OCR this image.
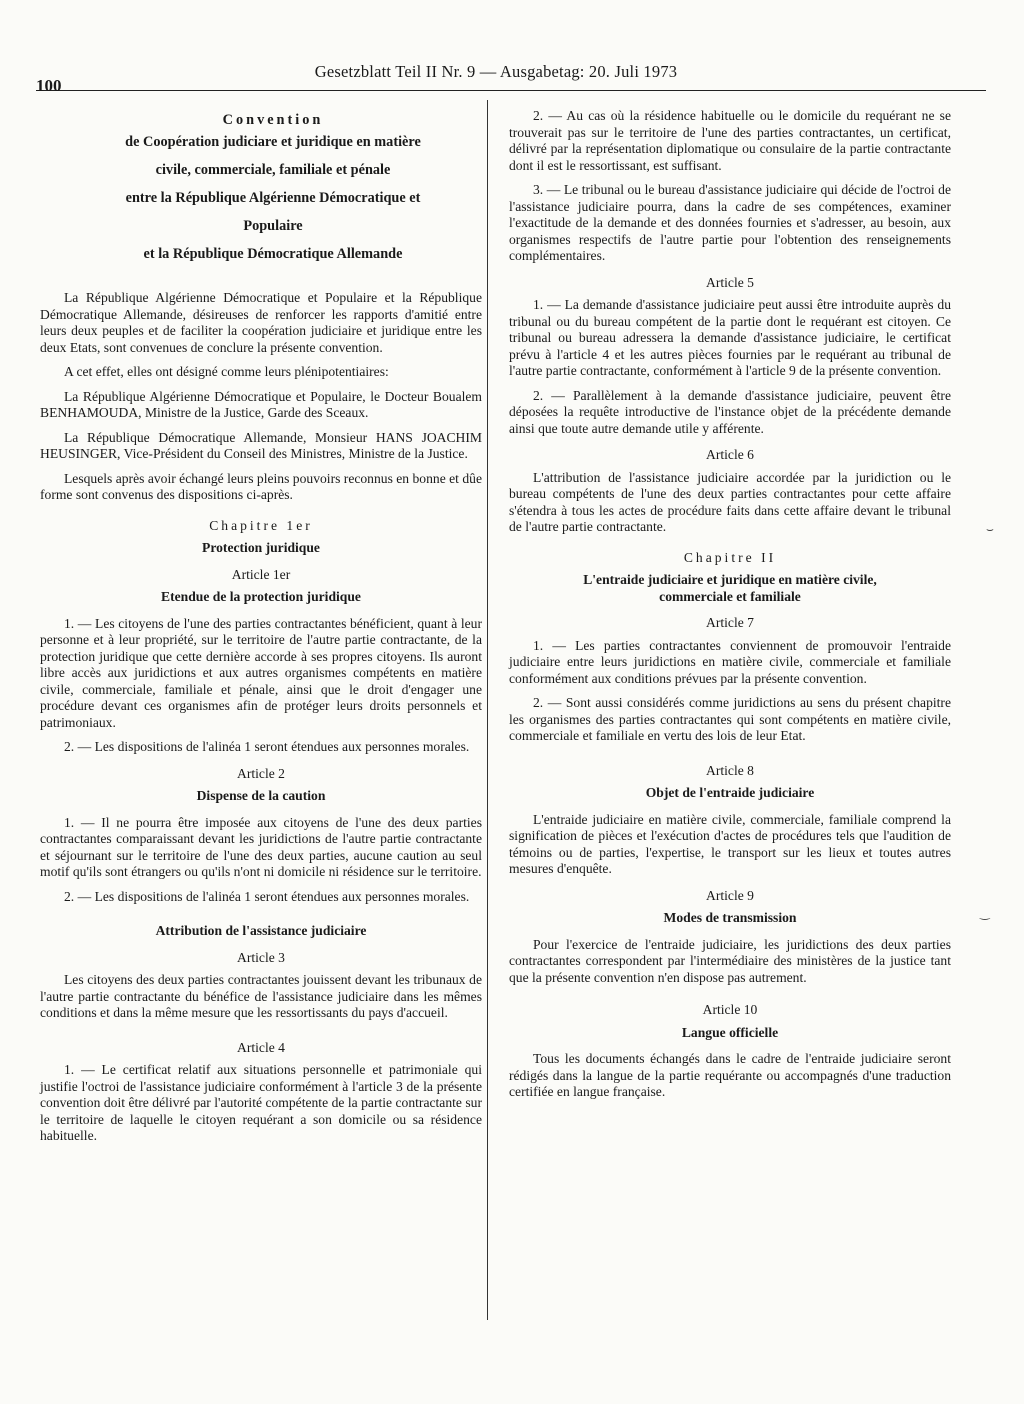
100
Gesetzblatt Teil II Nr. 9 — Ausgabetag: 20. Juli 1973

Convention

de Coopération judiciare et juridique en matière

civile, commerciale, familiale et pénale

entre la République Algérienne Démocratique et

Populaire

et la République Démocratique Allemande

La République Algérienne Démocratique et Populaire et la République Démocratique Allemande, désireuses de renforcer les rapports d'amitié entre leurs deux peuples et de faciliter la coopération judiciaire et juridique entre les deux Etats, sont convenues de conclure la présente convention.

A cet effet, elles ont désigné comme leurs plénipotentiaires:

La République Algérienne Démocratique et Populaire, le Docteur Boualem BENHAMOUDA, Ministre de la Justice, Garde des Sceaux.

La République Démocratique Allemande, Monsieur HANS JOACHIM HEUSINGER, Vice-Président du Conseil des Ministres, Ministre de la Justice.

Lesquels après avoir échangé leurs pleins pouvoirs reconnus en bonne et dûe forme sont convenus des dispositions ci-après.

Chapitre 1er
Protection juridique
Article 1er
Etendue de la protection juridique

1. — Les citoyens de l'une des parties contractantes bénéficient, quant à leur personne et à leur propriété, sur le territoire de l'autre partie contractante, de la protection juridique que cette dernière accorde à ses propres citoyens. Ils auront libre accès aux juridictions et aux autres organismes compétents en matière civile, commerciale, familiale et pénale, ainsi que le droit d'engager une procédure devant ces organismes afin de protéger leurs droits personnels et patrimoniaux.

2. — Les dispositions de l'alinéa 1 seront étendues aux personnes morales.

Article 2
Dispense de la caution

1. — Il ne pourra être imposée aux citoyens de l'une des deux parties contractantes comparaissant devant les juridictions de l'autre partie contractante et séjournant sur le territoire de l'une des deux parties, aucune caution au seul motif qu'ils sont étrangers ou qu'ils n'ont ni domicile ni résidence sur le territoire.

2. — Les dispositions de l'alinéa 1 seront étendues aux personnes morales.

Attribution de l'assistance judiciaire
Article 3

Les citoyens des deux parties contractantes jouissent devant les tribunaux de l'autre partie contractante du bénéfice de l'assistance judiciaire dans les mêmes conditions et dans la même mesure que les ressortissants du pays d'accueil.

Article 4

1. — Le certificat relatif aux situations personnelle et patrimoniale qui justifie l'octroi de l'assistance judiciaire conformément à l'article 3 de la présente convention doit être délivré par l'autorité compétente de la partie contractante sur le territoire de laquelle le citoyen requérant a son domicile ou sa résidence habituelle.

2. — Au cas où la résidence habituelle ou le domicile du requérant ne se trouverait pas sur le territoire de l'une des parties contractantes, un certificat, délivré par la représentation diplomatique ou consulaire de la partie contractante dont il est le ressortissant, est suffisant.

3. — Le tribunal ou le bureau d'assistance judiciaire qui décide de l'octroi de l'assistance judiciaire pourra, dans la cadre de ses compétences, examiner l'exactitude de la demande et des données fournies et s'adresser, au besoin, aux organismes respectifs de l'autre partie pour l'obtention des renseignements complémentaires.

Article 5

1. — La demande d'assistance judiciaire peut aussi être introduite auprès du tribunal ou du bureau compétent de la partie dont le requérant est citoyen. Ce tribunal ou bureau adressera la demande d'assistance judiciaire, le certificat prévu à l'article 4 et les autres pièces fournies par le requérant au tribunal de l'autre partie contractante, conformément à l'article 9 de la présente convention.

2. — Parallèlement à la demande d'assistance judiciaire, peuvent être déposées la requête introductive de l'instance objet de la précédente demande ainsi que toute autre demande utile y afférente.

Article 6

L'attribution de l'assistance judiciaire accordée par la juridiction ou le bureau compétents de l'une des deux parties contractantes pour cette affaire s'étendra à tous les actes de procédure faits dans cette affaire devant le tribunal de l'autre partie contractante.

Chapitre II
L'entraide judiciaire et juridique en matière civile,
commerciale et familiale
Article 7

1. — Les parties contractantes conviennent de promouvoir l'entraide judiciaire entre leurs juridictions en matière civile, commerciale et familiale conformément aux conditions prévues par la présente convention.

2. — Sont aussi considérés comme juridictions au sens du présent chapitre les organismes des parties contractantes qui sont compétents en matière civile, commerciale et familiale en vertu des lois de leur Etat.

Article 8
Objet de l'entraide judiciaire

L'entraide judiciaire en matière civile, commerciale, familiale comprend la signification de pièces et l'exécution d'actes de procédures tels que l'audition de témoins ou de parties, l'expertise, le transport sur les lieux et toutes autres mesures d'enquête.

Article 9
Modes de transmission

Pour l'exercice de l'entraide judiciaire, les juridictions des deux parties contractantes correspondent par l'intermédiaire des ministères de la justice tant que la présente convention n'en dispose pas autrement.

Article 10
Langue officielle

Tous les documents échangés dans le cadre de l'entraide judiciaire seront rédigés dans la langue de la partie requérante ou accompagnés d'une traduction certifiée en langue française.

⌣
‿
